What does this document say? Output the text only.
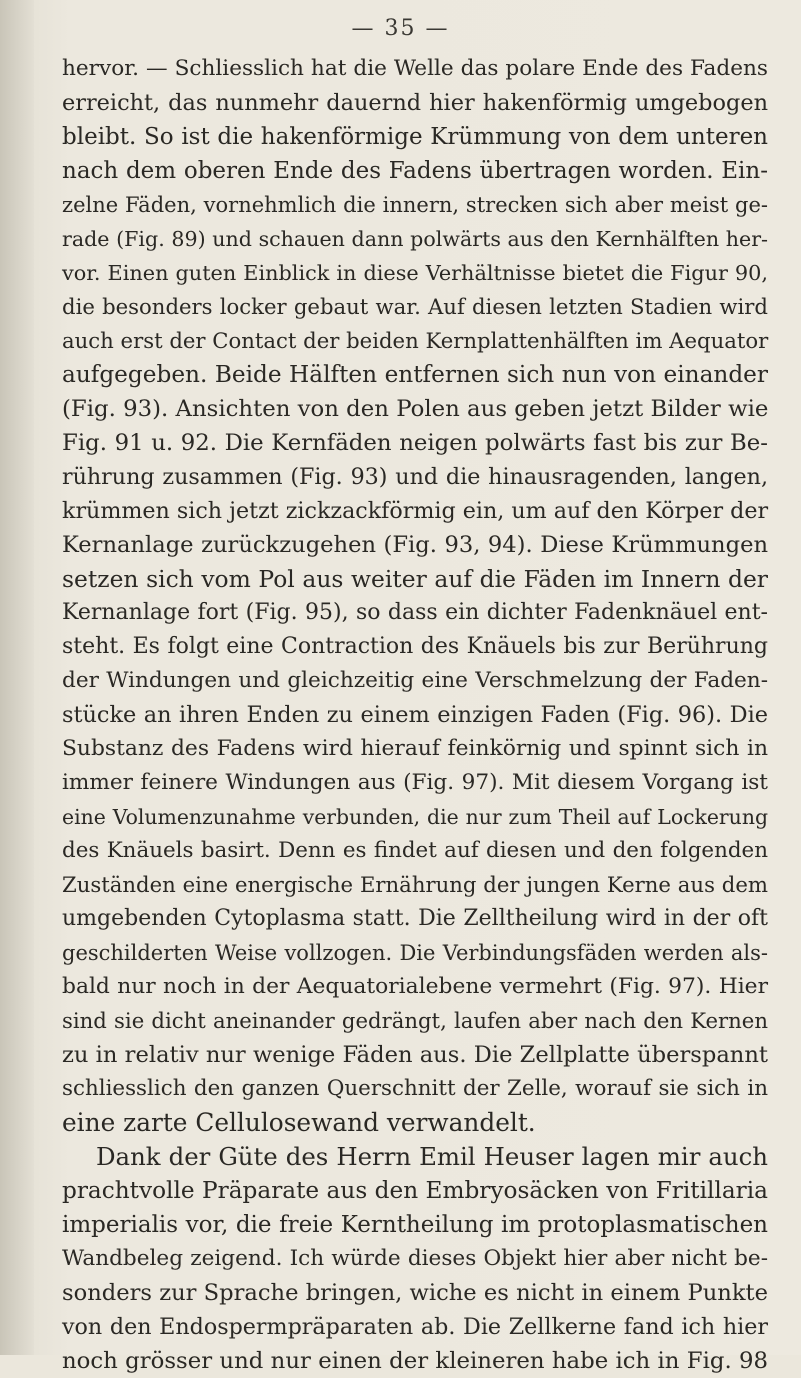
— 35 —
hervor. — Schliesslich hat die Welle das polare Ende des Fadens
erreicht, das nunmehr dauernd hier hakenförmig umgebogen
bleibt. So ist die hakenförmige Krümmung von dem unteren
nach dem oberen Ende des Fadens übertragen worden. Ein-
zelne Fäden, vornehmlich die innern, strecken sich aber meist ge-
rade (Fig. 89) und schauen dann polwärts aus den Kernhälften her-
vor. Einen guten Einblick in diese Verhältnisse bietet die Figur 90,
die besonders locker gebaut war. Auf diesen letzten Stadien wird
auch erst der Contact der beiden Kernplattenhälften im Aequator
aufgegeben. Beide Hälften entfernen sich nun von einander
(Fig. 93). Ansichten von den Polen aus geben jetzt Bilder wie
Fig. 91 u. 92. Die Kernfäden neigen polwärts fast bis zur Be-
rührung zusammen (Fig. 93) und die hinausragenden, langen,
krümmen sich jetzt zickzackförmig ein, um auf den Körper der
Kernanlage zurückzugehen (Fig. 93, 94). Diese Krümmungen
setzen sich vom Pol aus weiter auf die Fäden im Innern der
Kernanlage fort (Fig. 95), so dass ein dichter Fadenknäuel ent-
steht. Es folgt eine Contraction des Knäuels bis zur Berührung
der Windungen und gleichzeitig eine Verschmelzung der Faden-
stücke an ihren Enden zu einem einzigen Faden (Fig. 96). Die
Substanz des Fadens wird hierauf feinkörnig und spinnt sich in
immer feinere Windungen aus (Fig. 97). Mit diesem Vorgang ist
eine Volumenzunahme verbunden, die nur zum Theil auf Lockerung
des Knäuels basirt. Denn es findet auf diesen und den folgenden
Zuständen eine energische Ernährung der jungen Kerne aus dem
umgebenden Cytoplasma statt. Die Zelltheilung wird in der oft
geschilderten Weise vollzogen. Die Verbindungsfäden werden als-
bald nur noch in der Aequatorialebene vermehrt (Fig. 97). Hier
sind sie dicht aneinander gedrängt, laufen aber nach den Kernen
zu in relativ nur wenige Fäden aus. Die Zellplatte überspannt
schliesslich den ganzen Querschnitt der Zelle, worauf sie sich in
eine zarte Cellulosewand verwandelt.
Dank der Güte des Herrn Emil Heuser lagen mir auch
prachtvolle Präparate aus den Embryosäcken von Fritillaria
imperialis vor, die freie Kerntheilung im protoplasmatischen
Wandbeleg zeigend. Ich würde dieses Objekt hier aber nicht be-
sonders zur Sprache bringen, wiche es nicht in einem Punkte
von den Endospermpräparaten ab. Die Zellkerne fand ich hier
noch grösser und nur einen der kleineren habe ich in Fig. 98
